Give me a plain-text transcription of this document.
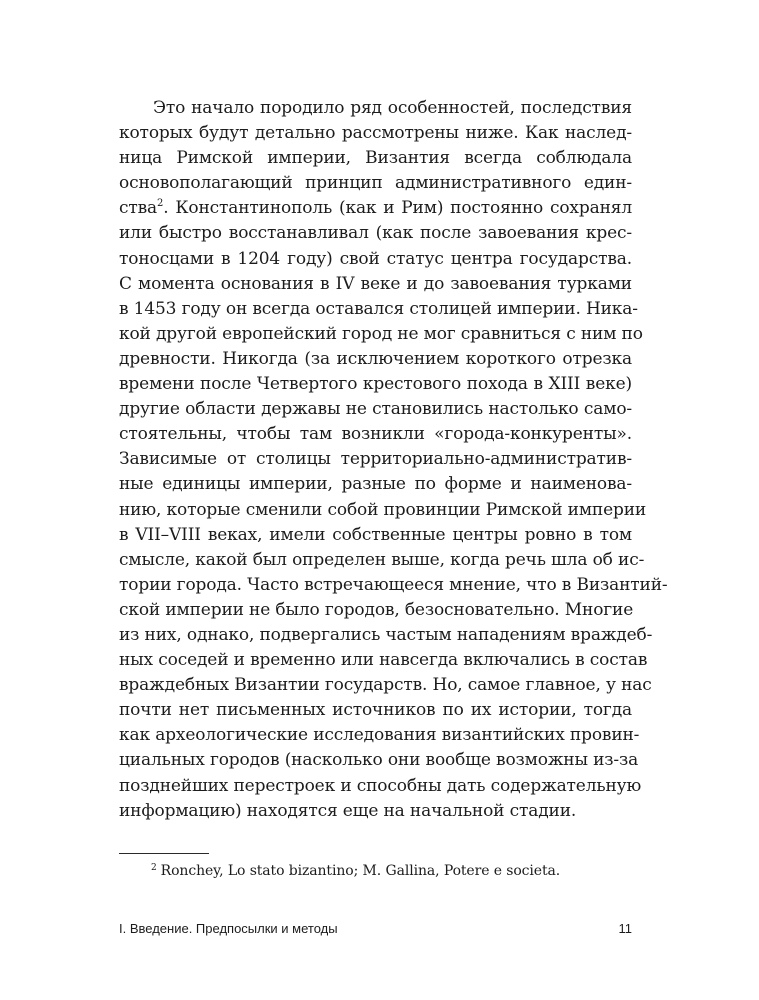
Это начало породило ряд особенностей, последствия
которых будут детально рассмотрены ниже. Как наслед-
ница Римской империи, Византия всегда соблюдала
основополагающий принцип административного един-
ства$^2$. Константинополь (как и Рим) постоянно сохранял
или быстро восстанавливал (как после завоевания крес-
тоносцами в 1204 году) свой статус центра государства.
С момента основания в IV веке и до завоевания турками
в 1453 году он всегда оставался столицей империи. Ника-
кой другой европейский город не мог сравниться с ним по
древности. Никогда (за исключением короткого отрезка
времени после Четвертого крестового похода в XIII веке)
другие области державы не становились настолько само-
стоятельны, чтобы там возникли «города-конкуренты».
Зависимые от столицы территориально-административ-
ные единицы империи, разные по форме и наименова-
нию, которые сменили собой провинции Римской империи
в VII–VIII веках, имели собственные центры ровно в том
смысле, какой был определен выше, когда речь шла об ис-
тории города. Часто встречающееся мнение, что в Византий-
ской империи не было городов, безосновательно. Многие
из них, однако, подвергались частым нападениям враждеб-
ных соседей и временно или навсегда включались в состав
враждебных Византии государств. Но, самое главное, у нас
почти нет письменных источников по их истории, тогда
как археологические исследования византийских провин-
циальных городов (насколько они вообще возможны из-за
позднейших перестроек и способны дать содержательную
информацию) находятся еще на начальной стадии.
$^2$ Ronchey, Lo stato bizantino; M. Gallina, Potere e societa.
I. Введение. Предпосылки и методы	11
